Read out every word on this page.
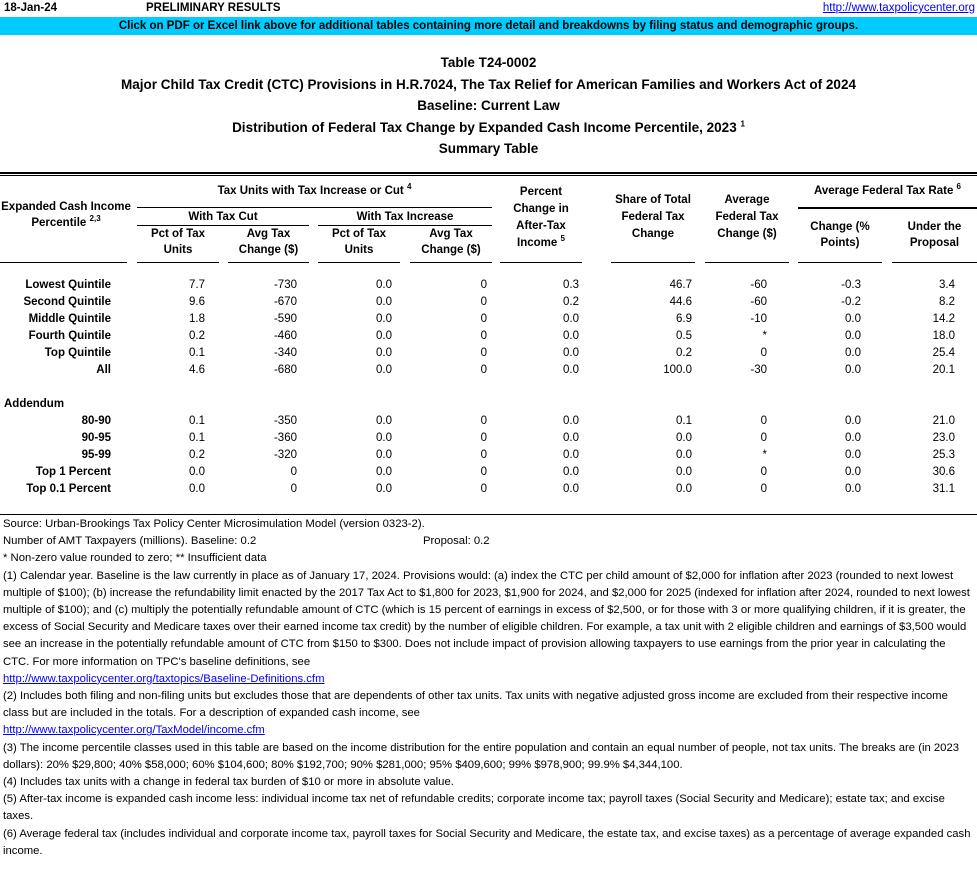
18-Jan-24	PRELIMINARY RESULTS	http://www.taxpolicycenter.org
Click on PDF or Excel link above for additional tables containing more detail and breakdowns by filing status and demographic groups.
Table T24-0002
Major Child Tax Credit (CTC) Provisions in H.R.7024, The Tax Relief for American Families and Workers Act of 2024
Baseline: Current Law
Distribution of Federal Tax Change by Expanded Cash Income Percentile, 2023 $^1$
Summary Table
Expanded Cash Income
Percentile $^{2,3}$
Tax Units with Tax Increase or Cut $^4$
With Tax Cut	With Tax Increase
Pct of Tax
Units
Avg Tax
Change ($)
Pct of Tax
Units
Avg Tax
Change ($)
Percent
Change in
After-Tax
Income $^5$
Share of Total
Federal Tax
Change
Average
Federal Tax
Change ($)
Average Federal Tax Rate $^6$
Change (%
Points)
Under the
Proposal
Lowest Quintile	7.7	-730	0.0	0	0.3	46.7	-60	-0.3	3.4
Second Quintile	9.6	-670	0.0	0	0.2	44.6	-60	-0.2	8.2
Middle Quintile	1.8	-590	0.0	0	0.0	6.9	-10	0.0	14.2
Fourth Quintile	0.2	-460	0.0	0	0.0	0.5	*	0.0	18.0
Top Quintile	0.1	-340	0.0	0	0.0	0.2	0	0.0	25.4
All	4.6	-680	0.0	0	0.0	100.0	-30	0.0	20.1
Addendum
80-90	0.1	-350	0.0	0	0.0	0.1	0	0.0	21.0
90-95	0.1	-360	0.0	0	0.0	0.0	0	0.0	23.0
95-99	0.2	-320	0.0	0	0.0	0.0	*	0.0	25.3
Top 1 Percent	0.0	0	0.0	0	0.0	0.0	0	0.0	30.6
Top 0.1 Percent	0.0	0	0.0	0	0.0	0.0	0	0.0	31.1
Source: Urban-Brookings Tax Policy Center Microsimulation Model (version 0323-2).
Number of AMT Taxpayers (millions). Baseline: 0.2	Proposal: 0.2
* Non-zero value rounded to zero; ** Insufficient data
(1) Calendar year. Baseline is the law currently in place as of January 17, 2024. Provisions would: (a) index the CTC per child amount of $2,000 for inflation after 2023 (rounded to next lowest multiple of $100); (b) increase the refundability limit enacted by the 2017 Tax Act to $1,800 for 2023, $1,900 for 2024, and $2,000 for 2025 (indexed for inflation after 2024, rounded to next lowest multiple of $100); and (c) multiply the potentially refundable amount of CTC (which is 15 percent of earnings in excess of $2,500, or for those with 3 or more qualifying children, if it is greater, the excess of Social Security and Medicare taxes over their earned income tax credit) by the number of eligible children. For example, a tax unit with 2 eligible children and earnings of $3,500 would see an increase in the potentially refundable amount of CTC from $150 to $300. Does not include impact of provision allowing taxpayers to use earnings from the prior year in calculating the CTC. For more information on TPC's baseline definitions, see
http://www.taxpolicycenter.org/taxtopics/Baseline-Definitions.cfm
(2) Includes both filing and non-filing units but excludes those that are dependents of other tax units. Tax units with negative adjusted gross income are excluded from their respective income class but are included in the totals. For a description of expanded cash income, see
http://www.taxpolicycenter.org/TaxModel/income.cfm
(3) The income percentile classes used in this table are based on the income distribution for the entire population and contain an equal number of people, not tax units. The breaks are (in 2023 dollars): 20% $29,800; 40% $58,000; 60% $104,600; 80% $192,700; 90% $281,000; 95% $409,600; 99% $978,900; 99.9% $4,344,100.
(4) Includes tax units with a change in federal tax burden of $10 or more in absolute value.
(5) After-tax income is expanded cash income less: individual income tax net of refundable credits; corporate income tax; payroll taxes (Social Security and Medicare); estate tax; and excise taxes.
(6) Average federal tax (includes individual and corporate income tax, payroll taxes for Social Security and Medicare, the estate tax, and excise taxes) as a percentage of average expanded cash income.
